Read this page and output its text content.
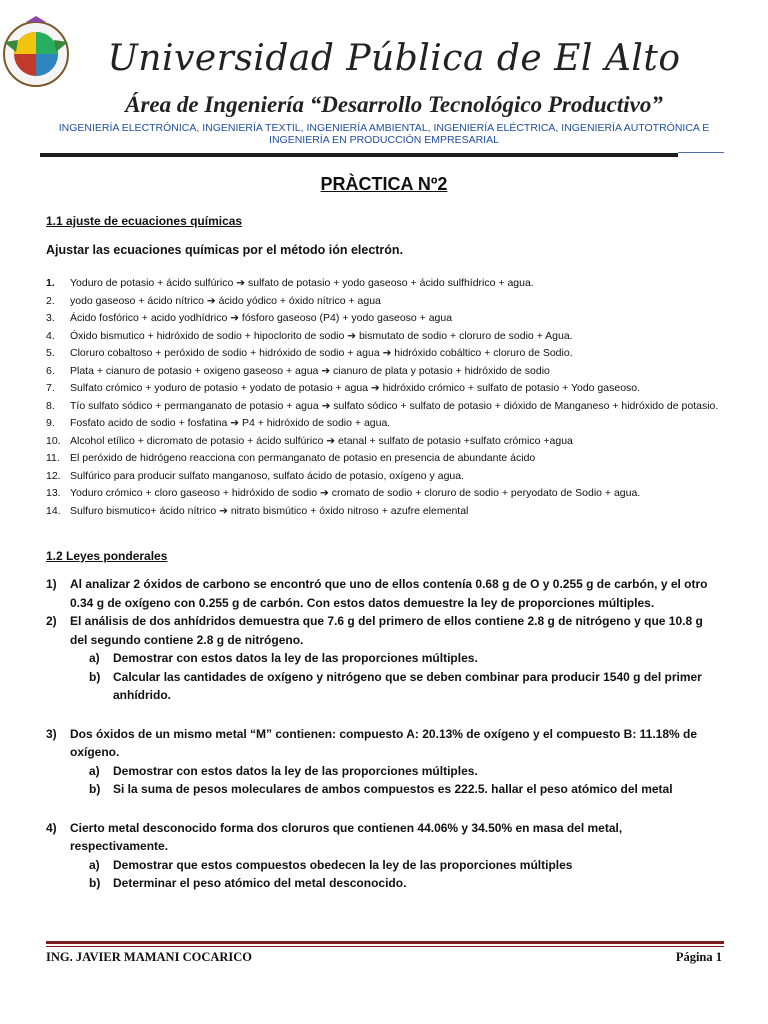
Universidad Pública de El Alto
Área de Ingeniería “Desarrollo Tecnológico Productivo”
INGENIERÍA ELECTRÓNICA, INGENIERÍA TEXTIL, INGENIERÍA AMBIENTAL, INGENIERÍA ELÉCTRICA, INGENIERÍA AUTOTRÓNICA E INGENIERÍA EN PRODUCCIÓN EMPRESARIAL
PRÀCTICA Nº2
1.1 ajuste de ecuaciones químicas
Ajustar las ecuaciones químicas por el método ión electrón.
1.	Yoduro de potasio + ácido sulfúrico ➔ sulfato de potasio + yodo gaseoso + ácido sulfhídrico + agua.
2.	yodo gaseoso + ácido nítrico ➔ ácido yódico + óxido nítrico + agua
3.	Ácido fosfórico + acido yodhídrico ➔ fósforo gaseoso (P4) + yodo gaseoso + agua
4.	Óxido bismutico + hidróxido de sodio + hipoclorito de sodio ➔ bismutato de sodio + cloruro de sodio + Agua.
5.	Cloruro cobaltoso + peróxido de sodio + hidróxido de sodio + agua ➔ hidróxido cobáltico + cloruro de Sodio.
6.	Plata + cianuro de potasio + oxigeno gaseoso + agua ➔ cianuro de plata y potasio + hidróxido de sodio
7.	Sulfato crómico + yoduro de potasio + yodato de potasio + agua ➔ hidróxido crómico + sulfato de potasio + Yodo gaseoso.
8.	Tío sulfato sódico + permanganato de potasio + agua ➔ sulfato sódico + sulfato de potasio + dióxido de Manganeso + hidróxido de potasio.
9.	Fosfato acido de sodio + fosfatina ➔ P4 + hidróxido de sodio + agua.
10. Alcohol etílico + dicromato de potasio + ácido sulfúrico ➔ etanal + sulfato de potasio +sulfato crómico +agua
11. El peróxido de hidrógeno reacciona con permanganato de potasio en presencia de abundante ácido
12. Sulfúrico para producir sulfato manganoso, sulfato ácido de potasio, oxígeno y agua.
13. Yoduro crómico + cloro gaseoso + hidróxido de sodio ➔ cromato de sodio + cloruro de sodio + peryodato de Sodio + agua.
14. Sulfuro bismutico+ ácido nítrico ➔ nitrato bismútico + óxido nitroso + azufre elemental
1.2 Leyes ponderales
1)	Al analizar 2 óxidos de carbono se encontró que uno de ellos contenía 0.68 g de O y 0.255 g de carbón, y el otro 0.34 g de oxígeno con 0.255 g de carbón. Con estos datos demuestre la ley de proporciones múltiples.
2)	El análisis de dos anhídridos demuestra que 7.6 g del primero de ellos contiene 2.8 g de nitrógeno y que 10.8 g del segundo contiene 2.8 g de nitrógeno.
a)	Demostrar con estos datos la ley de las proporciones múltiples.
b)	Calcular las cantidades de oxígeno y nitrógeno que se deben combinar para producir 1540 g del primer anhídrido.
3)	Dos óxidos de un mismo metal “M” contienen: compuesto A: 20.13% de oxígeno y el compuesto B: 11.18% de oxígeno.
a)	Demostrar con estos datos la ley de las proporciones múltiples.
b)	Si la suma de pesos moleculares de ambos compuestos es 222.5. hallar el peso atómico del metal
4)	Cierto metal desconocido forma dos cloruros que contienen 44.06% y 34.50% en masa del metal, respectivamente.
a)	Demostrar que estos compuestos obedecen la ley de las proporciones múltiples
b)	Determinar el peso atómico del metal desconocido.
ING. JAVIER MAMANI COCARICO	Página 1
